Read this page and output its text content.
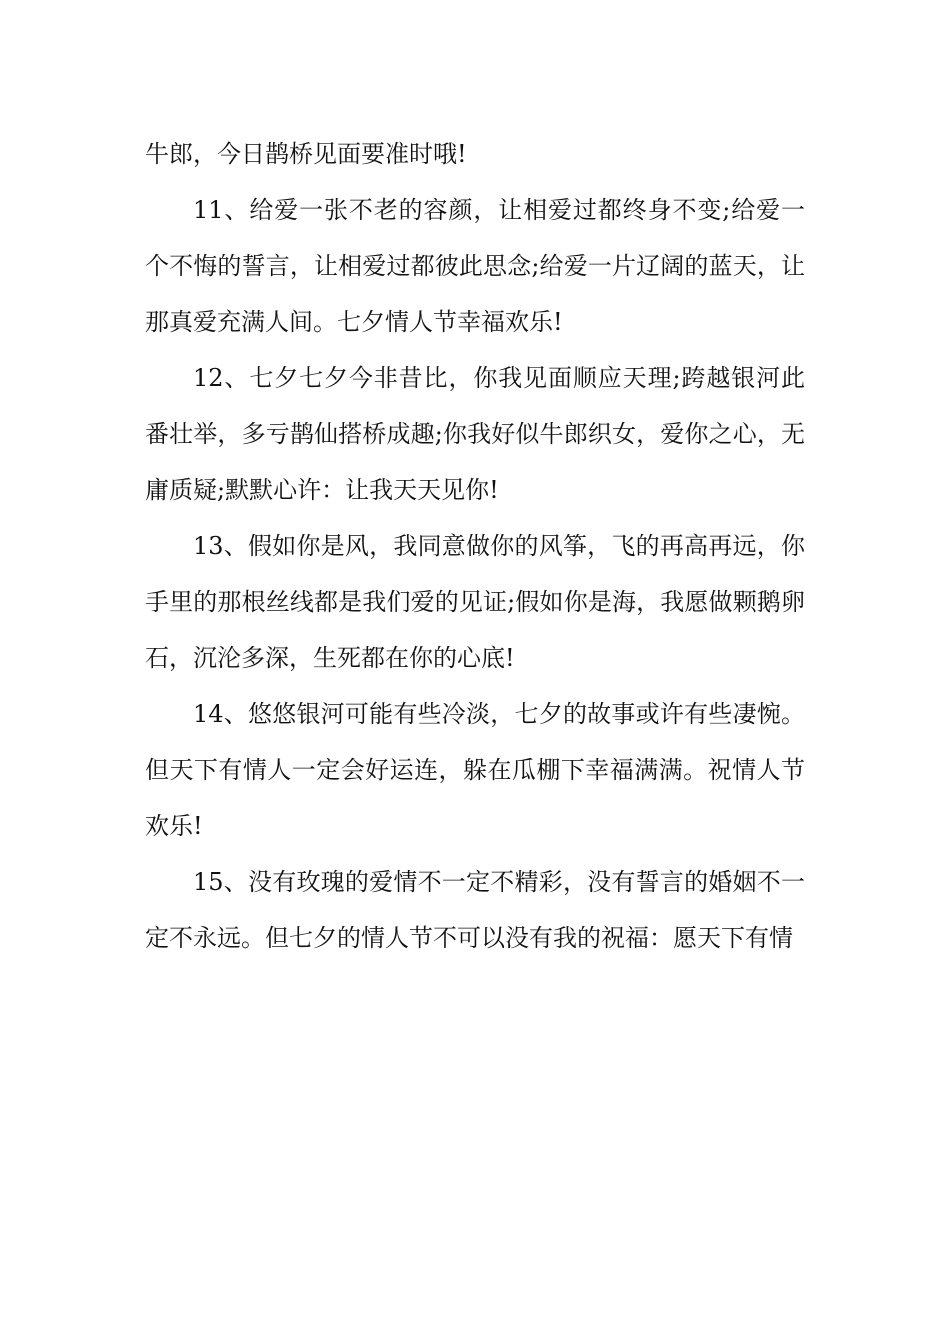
牛郎，今日鹊桥见面要准时哦!

11、给爱一张不老的容颜，让相爱过都终身不变;给爱一个不悔的誓言，让相爱过都彼此思念;给爱一片辽阔的蓝天，让那真爱充满人间。七夕情人节幸福欢乐!

12、七夕七夕今非昔比，你我见面顺应天理;跨越银河此番壮举，多亏鹊仙搭桥成趣;你我好似牛郎织女，爱你之心，无庸质疑;默默心许：让我天天见你!

13、假如你是风，我同意做你的风筝，飞的再高再远，你手里的那根丝线都是我们爱的见证;假如你是海，我愿做颗鹅卵石，沉沦多深，生死都在你的心底!

14、悠悠银河可能有些冷淡，七夕的故事或许有些凄惋。但天下有情人一定会好运连，躲在瓜棚下幸福满满。祝情人节欢乐!

15、没有玫瑰的爱情不一定不精彩，没有誓言的婚姻不一定不永远。但七夕的情人节不可以没有我的祝福：愿天下有情
